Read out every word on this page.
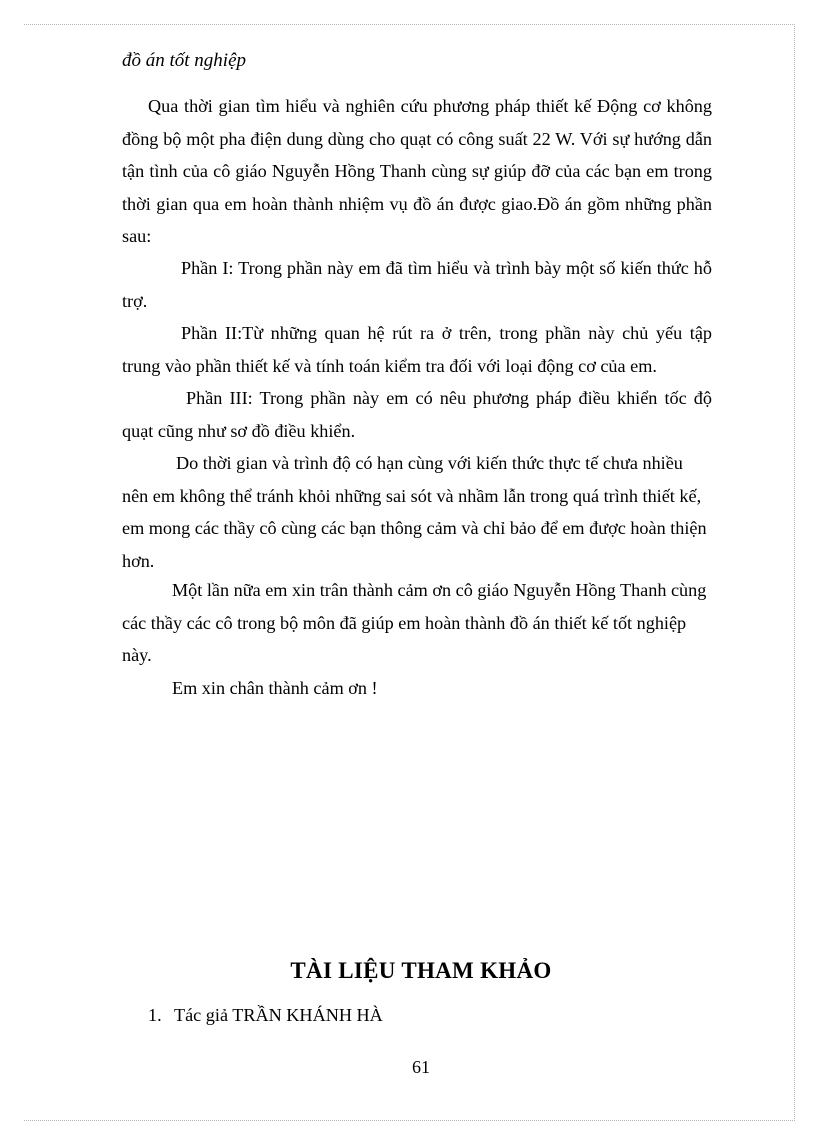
đồ án tốt nghiệp

Qua thời gian tìm hiểu và nghiên cứu phương pháp thiết kế Động cơ không đồng bộ một pha điện dung dùng cho quạt có công suất 22 W. Với sự hướng dẫn tận tình của cô giáo Nguyễn Hồng Thanh cùng sự giúp đỡ của các bạn em trong thời gian qua em hoàn thành nhiệm vụ đồ án được giao.Đồ án gồm những phần sau:

Phần I: Trong phần này em đã tìm hiểu và trình bày một số kiến thức hỗ trợ.

Phần II:Từ những quan hệ rút ra ở trên, trong phần này chủ yếu tập trung vào phần thiết kế và tính toán kiểm tra đối với loại động cơ của em.

Phần III: Trong phần này em có nêu phương pháp điều khiển tốc độ quạt cũng như sơ đồ điều khiển.

Do thời gian và trình độ có hạn cùng với kiến thức thực tế chưa nhiều nên em không thể tránh khỏi những sai sót và nhầm lẫn trong quá trình thiết kế, em mong các thầy cô cùng các bạn thông cảm và chỉ bảo để em được hoàn thiện hơn.

Một lần nữa em xin trân thành cảm ơn cô giáo Nguyễn Hồng Thanh cùng các thầy các cô trong bộ môn đã giúp em hoàn thành đồ án thiết kế tốt nghiệp này.

Em xin chân thành cảm ơn !

TÀI LIỆU THAM KHẢO
1. Tác giả TRẦN KHÁNH HÀ
61
